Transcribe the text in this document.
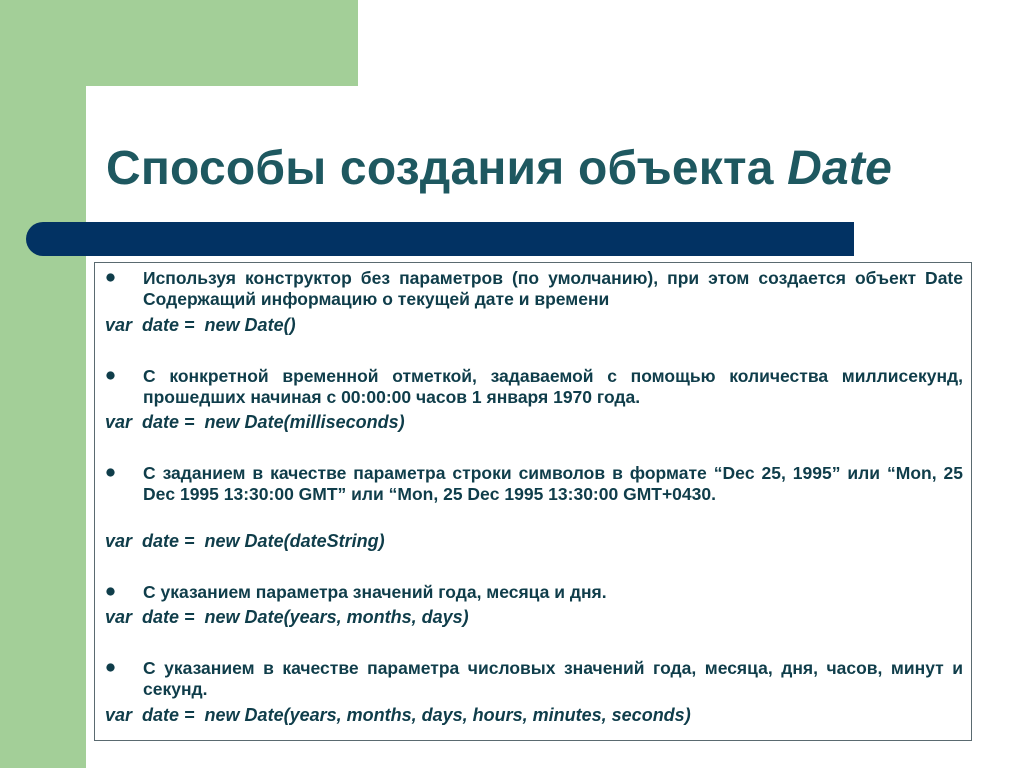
Способы создания объекта Date
Используя конструктор без параметров (по умолчанию), при этом создается объект Date Содержащий информацию о текущей дате и времени
var  date =  new Date()
С конкретной временной отметкой, задаваемой с помощью количества миллисекунд, прошедших начиная с 00:00:00 часов 1 января 1970 года.
var  date =  new Date(milliseconds)
С заданием в качестве параметра строки символов в формате “Dec 25, 1995” или “Mon, 25 Dec 1995 13:30:00 GMT” или “Mon, 25 Dec 1995 13:30:00 GMT+0430.
var  date =  new Date(dateString)
С указанием параметра значений года, месяца и дня.
var  date =  new Date(years, months, days)
С указанием в качестве параметра числовых значений года, месяца, дня, часов, минут и секунд.
var  date =  new Date(years, months, days, hours, minutes, seconds)
